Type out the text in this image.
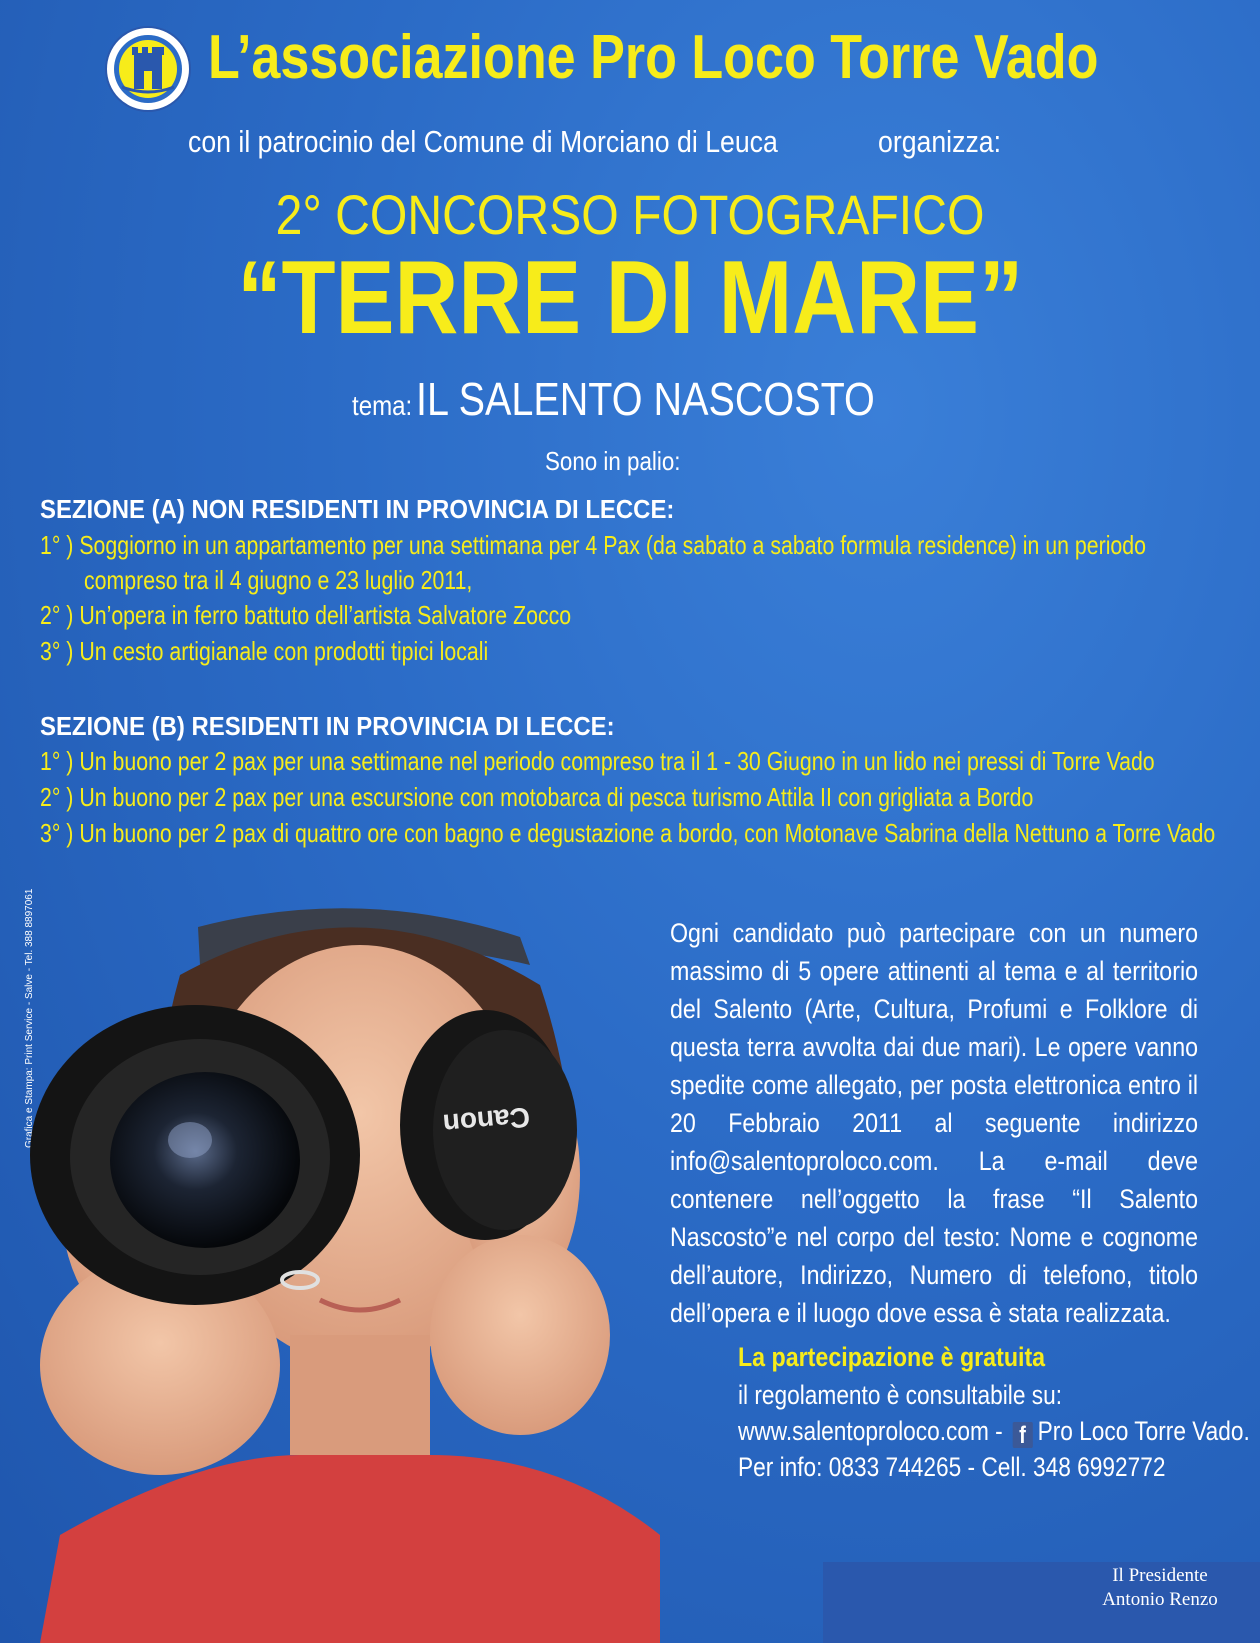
L’associazione Pro Loco Torre Vado
con il patrocinio del Comune di Morciano di Leuca	organizza:
2° CONCORSO FOTOGRAFICO
“TERRE DI MARE”
tema: IL SALENTO NASCOSTO
Sono in palio:
SEZIONE (A) NON RESIDENTI IN PROVINCIA DI LECCE:
1° ) Soggiorno in un appartamento per una settimana per 4 Pax (da sabato a sabato formula residence) in un periodo
compreso tra il 4 giugno e 23 luglio 2011,
2° ) Un’opera in ferro battuto dell’artista Salvatore Zocco
3° ) Un cesto artigianale con prodotti tipici locali
SEZIONE (B) RESIDENTI IN PROVINCIA DI LECCE:
1° ) Un buono per 2 pax per una settimane nel periodo compreso tra il 1 - 30 Giugno in un lido nei pressi di Torre Vado
2° ) Un buono per 2 pax per una escursione con motobarca di pesca turismo Attila II con grigliata a Bordo
3° ) Un buono per 2 pax di quattro ore con bagno e degustazione a bordo, con Motonave Sabrina della Nettuno a Torre Vado
Grafica e Stampa: Print Service - Salve - Tel. 388 8897061	Canon

Ogni candidato può partecipare con un numero massimo di 5 opere attinenti al tema e al territorio del Salento (Arte, Cultura, Profumi e Folklore di questa terra avvolta dai due mari). Le opere vanno spedite come allegato, per posta elettronica entro il 20 Febbraio 2011 al seguente indirizzo info@salentoproloco.com. La e-mail deve contenere nell’oggetto la frase “Il Salento Nascosto”e nel corpo del testo: Nome e cognome dell’autore, Indirizzo, Numero di telefono, titolo dell’opera e il luogo dove essa è stata realizzata.

La partecipazione è gratuita
il regolamento è consultabile su:
www.salentoproloco.com - f Pro Loco Torre Vado.
Per info: 0833 744265 - Cell. 348 6992772
Il Presidente
Antonio Renzo
